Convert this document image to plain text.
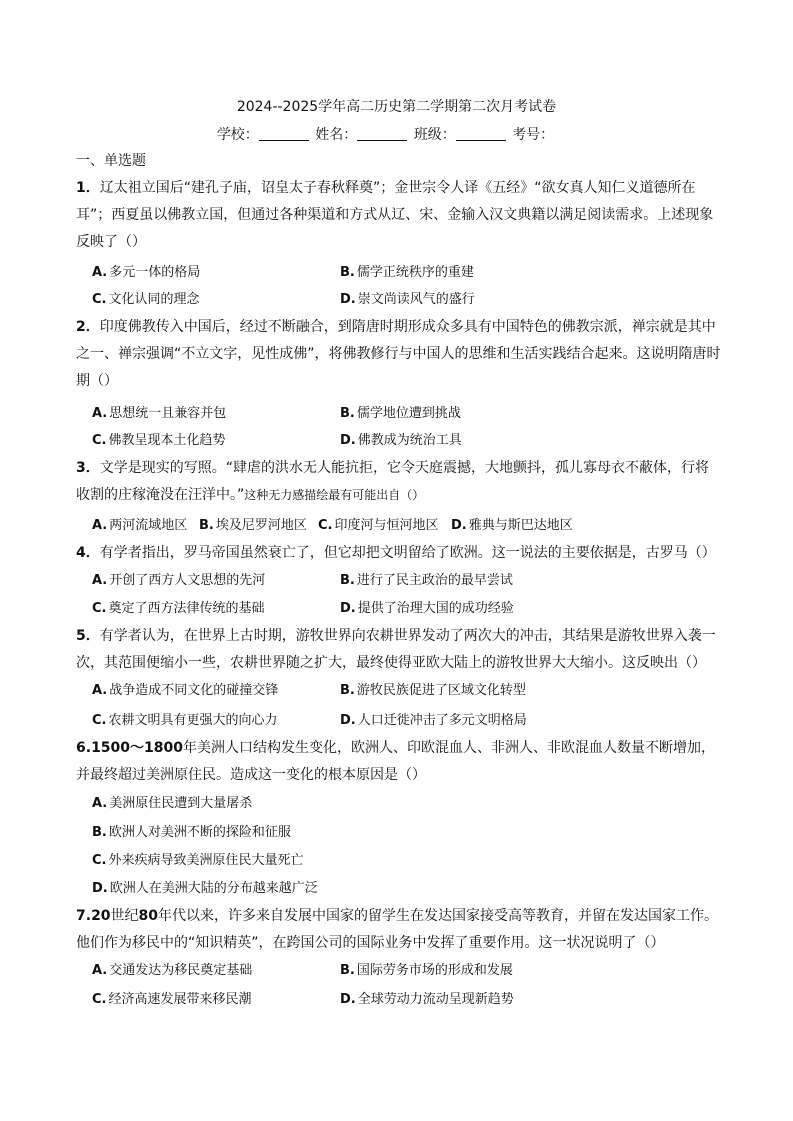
2024--2025学年高二历史第二学期第二次月考试卷
学校：	姓名：	班级：	考号：
一、单选题
1．辽太祖立国后“建孔子庙，诏皇太子春秋释奠”；金世宗令人译《五经》“欲女真人知仁义道德所在耳”；西夏虽以佛教立国，但通过各种渠道和方式从辽、宋、金输入汉文典籍以满足阅读需求。上述现象反映了（）
A. 多元一体的格局	B. 儒学正统秩序的重建
C. 文化认同的理念	D. 崇文尚读风气的盛行
2．印度佛教传入中国后，经过不断融合，到隋唐时期形成众多具有中国特色的佛教宗派，禅宗就是其中之一、禅宗强调“不立文字，见性成佛”，将佛教修行与中国人的思维和生活实践结合起来。这说明隋唐时期（）
A. 思想统一且兼容并包	B. 儒学地位遭到挑战
C. 佛教呈现本土化趋势	D. 佛教成为统治工具
3．文学是现实的写照。“肆虐的洪水无人能抗拒，它令天庭震撼，大地颤抖，孤儿寡母衣不蔽体，行将收割的庄稼淹没在汪洋中。”这种无力感描绘最有可能出自（）
A. 两河流域地区 B. 埃及尼罗河地区 C. 印度河与恒河地区 D. 雅典与斯巴达地区
4．有学者指出，罗马帝国虽然衰亡了，但它却把文明留给了欧洲。这一说法的主要依据是，古罗马（）
A. 开创了西方人文思想的先河	B. 进行了民主政治的最早尝试
C. 奠定了西方法律传统的基础	D. 提供了治理大国的成功经验
5．有学者认为，在世界上古时期，游牧世界向农耕世界发动了两次大的冲击，其结果是游牧世界入袭一次，其范围便缩小一些，农耕世界随之扩大，最终使得亚欧大陆上的游牧世界大大缩小。这反映出（）
A. 战争造成不同文化的碰撞交锋	B. 游牧民族促进了区域文化转型
C. 农耕文明具有更强大的向心力	D. 人口迁徙冲击了多元文明格局
6.1500～1800年美洲人口结构发生变化，欧洲人、印欧混血人、非洲人、非欧混血人数量不断增加，并最终超过美洲原住民。造成这一变化的根本原因是（）
A. 美洲原住民遭到大量屠杀
B. 欧洲人对美洲不断的探险和征服
C. 外来疾病导致美洲原住民大量死亡
D. 欧洲人在美洲大陆的分布越来越广泛
7.20世纪80年代以来，许多来自发展中国家的留学生在发达国家接受高等教育，并留在发达国家工作。他们作为移民中的“知识精英”，在跨国公司的国际业务中发挥了重要作用。这一状况说明了（）
A. 交通发达为移民奠定基础	B. 国际劳务市场的形成和发展
C. 经济高速发展带来移民潮	D. 全球劳动力流动呈现新趋势
